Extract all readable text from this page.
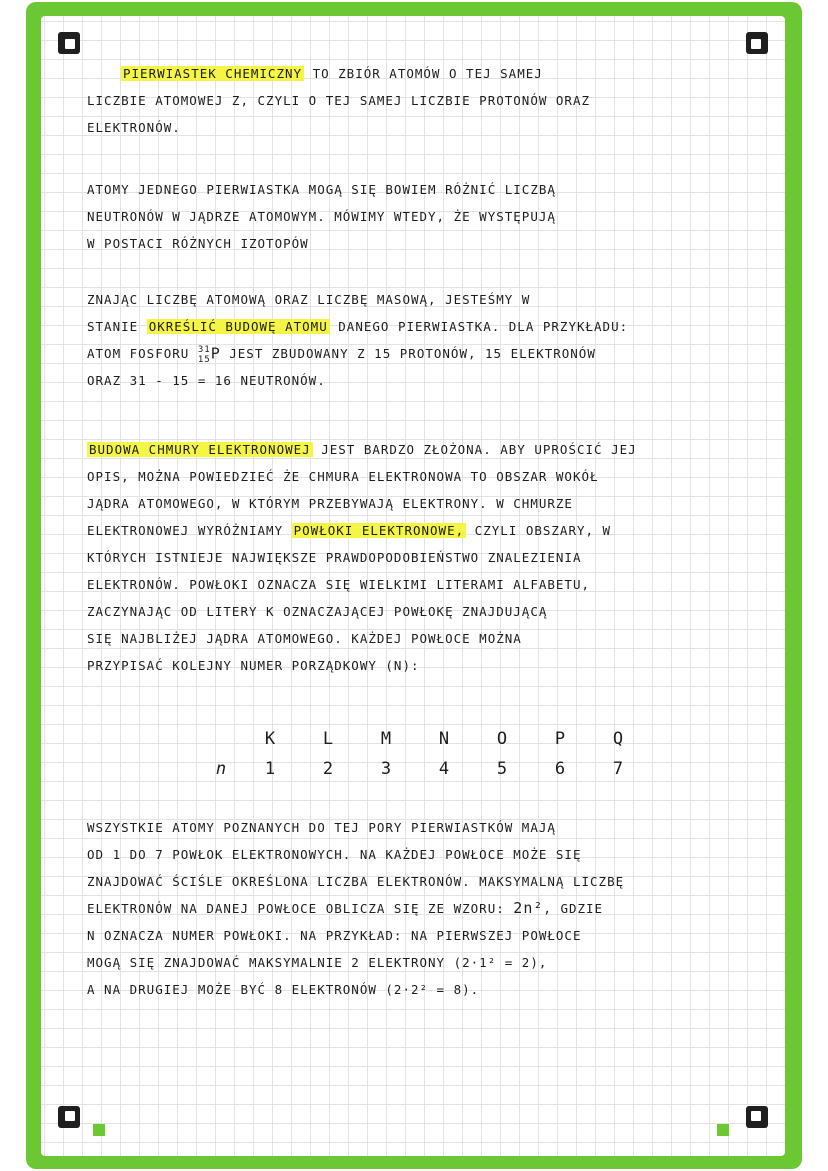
PIERWIASTEK CHEMICZNY TO ZBIÓR ATOMÓW O TEJ SAMEJ
LICZBIE ATOMOWEJ Z, CZYLI O TEJ SAMEJ LICZBIE PROTONÓW ORAZ
ELEKTRONÓW.
ATOMY JEDNEGO PIERWIASTKA MOGĄ SIĘ BOWIEM RÓŻNIĆ LICZBĄ
NEUTRONÓW W JĄDRZE ATOMOWYM. MÓWIMY WTEDY, ŻE WYSTĘPUJĄ
W POSTACI RÓŻNYCH IZOTOPÓW
ZNAJĄC LICZBĘ ATOMOWĄ ORAZ LICZBĘ MASOWĄ, JESTEŚMY W
STANIE OKREŚLIĆ BUDOWĘ ATOMU DANEGO PIERWIASTKA. DLA PRZYKŁADU:
ATOM FOSFORU 31
15 P JEST ZBUDOWANY Z 15 PROTONÓW, 15 ELEKTRONÓW
ORAZ 31 - 15 = 16 NEUTRONÓW.
BUDOWA CHMURY ELEKTRONOWEJ JEST BARDZO ZŁOŻONA. ABY UPROŚCIĆ JEJ
OPIS, MOŻNA POWIEDZIEĆ ŻE CHMURA ELEKTRONOWA TO OBSZAR WOKÓŁ
JĄDRA ATOMOWEGO, W KTÓRYM PRZEBYWAJĄ ELEKTRONY. W CHMURZE
ELEKTRONOWEJ WYRÓŻNIAMY POWŁOKI ELEKTRONOWE, CZYLI OBSZARY, W
KTÓRYCH ISTNIEJE NAJWIĘKSZE PRAWDOPODOBIEŃSTWO ZNALEZIENIA
ELEKTRONÓW. POWŁOKI OZNACZA SIĘ WIELKIMI LITERAMI ALFABETU,
ZACZYNAJĄC OD LITERY K OZNACZAJĄCEJ POWŁOKĘ ZNAJDUJĄCĄ
SIĘ NAJBLIŻEJ JĄDRA ATOMOWEGO. KAŻDEJ POWŁOCE MOŻNA
PRZYPISAĆ KOLEJNY NUMER PORZĄDKOWY (N):
	K	L	M	N	O	P	Q
n	1	2	3	4	5	6	7
WSZYSTKIE ATOMY POZNANYCH DO TEJ PORY PIERWIASTKÓW MAJĄ
OD 1 DO 7 POWŁOK ELEKTRONOWYCH. NA KAŻDEJ POWŁOCE MOŻE SIĘ
ZNAJDOWAĆ ŚCIŚLE OKREŚLONA LICZBA ELEKTRONÓW. MAKSYMALNĄ LICZBĘ
ELEKTRONÓW NA DANEJ POWŁOCE OBLICZA SIĘ ZE WZORU: 2n², GDZIE
N OZNACZA NUMER POWŁOKI. NA PRZYKŁAD: NA PIERWSZEJ POWŁOCE
MOGĄ SIĘ ZNAJDOWAĆ MAKSYMALNIE 2 ELEKTRONY (2·1² = 2),
A NA DRUGIEJ MOŻE BYĆ 8 ELEKTRONÓW (2·2² = 8).
